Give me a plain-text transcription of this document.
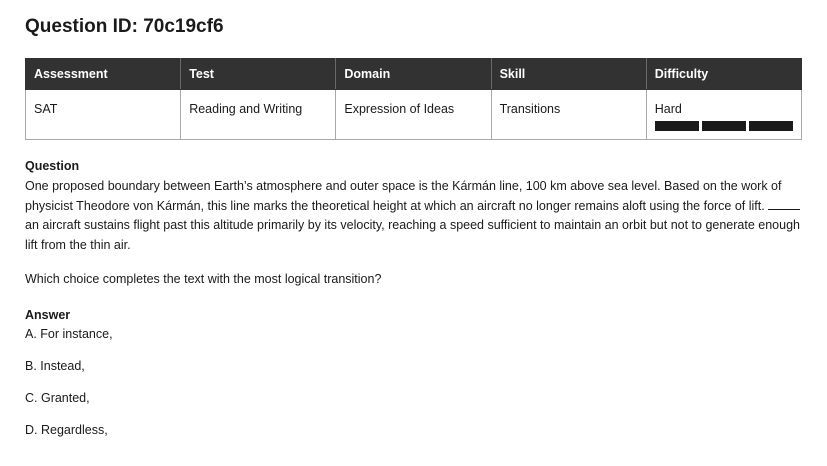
Question ID: 70c19cf6
Assessment	Test	Domain	Skill	Difficulty
SAT	Reading and Writing	Expression of Ideas	Transitions	Hard
Question

One proposed boundary between Earth’s atmosphere and outer space is the Kármán line, 100 km above sea level. Based on the work of physicist Theodore von Kármán, this line marks the theoretical height at which an aircraft no longer remains aloft using the force of lift.  an aircraft sustains flight past this altitude primarily by its velocity, reaching a speed sufficient to maintain an orbit but not to generate enough lift from the thin air.

Which choice completes the text with the most logical transition?

Answer

A. For instance,

B. Instead,

C. Granted,

D. Regardless,
